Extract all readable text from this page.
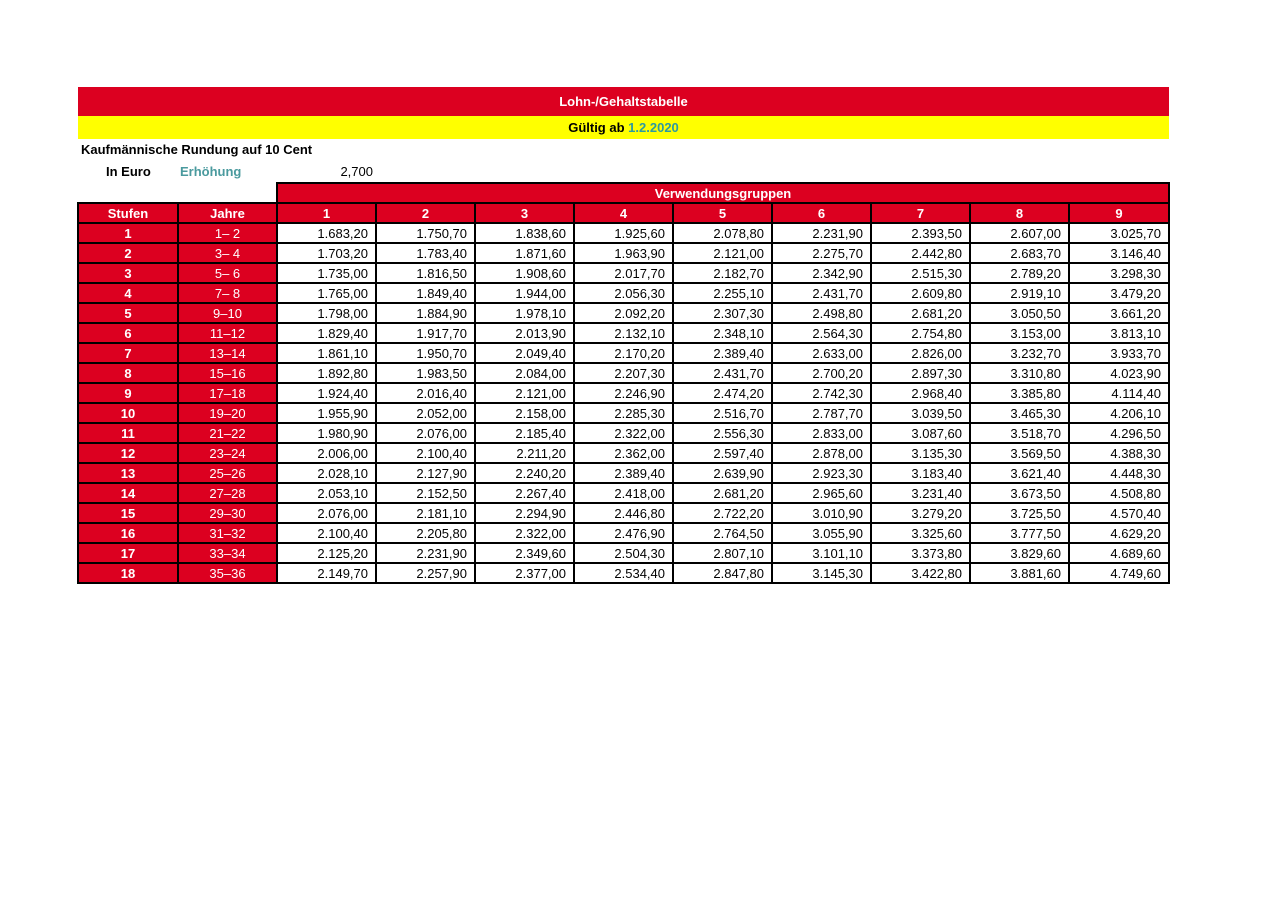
Lohn-/Gehaltstabelle
Gültig ab 1.2.2020
Kaufmännische Rundung auf 10 Cent
In Euro Erhöhung	2,700
		Verwendungsgruppen								
Stufen	Jahre	1	2	3	4	5	6	7	8	9
1	1– 2	1.683,20	1.750,70	1.838,60	1.925,60	2.078,80	2.231,90	2.393,50	2.607,00	3.025,70
2	3– 4	1.703,20	1.783,40	1.871,60	1.963,90	2.121,00	2.275,70	2.442,80	2.683,70	3.146,40
3	5– 6	1.735,00	1.816,50	1.908,60	2.017,70	2.182,70	2.342,90	2.515,30	2.789,20	3.298,30
4	7– 8	1.765,00	1.849,40	1.944,00	2.056,30	2.255,10	2.431,70	2.609,80	2.919,10	3.479,20
5	9–10	1.798,00	1.884,90	1.978,10	2.092,20	2.307,30	2.498,80	2.681,20	3.050,50	3.661,20
6	11–12	1.829,40	1.917,70	2.013,90	2.132,10	2.348,10	2.564,30	2.754,80	3.153,00	3.813,10
7	13–14	1.861,10	1.950,70	2.049,40	2.170,20	2.389,40	2.633,00	2.826,00	3.232,70	3.933,70
8	15–16	1.892,80	1.983,50	2.084,00	2.207,30	2.431,70	2.700,20	2.897,30	3.310,80	4.023,90
9	17–18	1.924,40	2.016,40	2.121,00	2.246,90	2.474,20	2.742,30	2.968,40	3.385,80	4.114,40
10	19–20	1.955,90	2.052,00	2.158,00	2.285,30	2.516,70	2.787,70	3.039,50	3.465,30	4.206,10
11	21–22	1.980,90	2.076,00	2.185,40	2.322,00	2.556,30	2.833,00	3.087,60	3.518,70	4.296,50
12	23–24	2.006,00	2.100,40	2.211,20	2.362,00	2.597,40	2.878,00	3.135,30	3.569,50	4.388,30
13	25–26	2.028,10	2.127,90	2.240,20	2.389,40	2.639,90	2.923,30	3.183,40	3.621,40	4.448,30
14	27–28	2.053,10	2.152,50	2.267,40	2.418,00	2.681,20	2.965,60	3.231,40	3.673,50	4.508,80
15	29–30	2.076,00	2.181,10	2.294,90	2.446,80	2.722,20	3.010,90	3.279,20	3.725,50	4.570,40
16	31–32	2.100,40	2.205,80	2.322,00	2.476,90	2.764,50	3.055,90	3.325,60	3.777,50	4.629,20
17	33–34	2.125,20	2.231,90	2.349,60	2.504,30	2.807,10	3.101,10	3.373,80	3.829,60	4.689,60
18	35–36	2.149,70	2.257,90	2.377,00	2.534,40	2.847,80	3.145,30	3.422,80	3.881,60	4.749,60
